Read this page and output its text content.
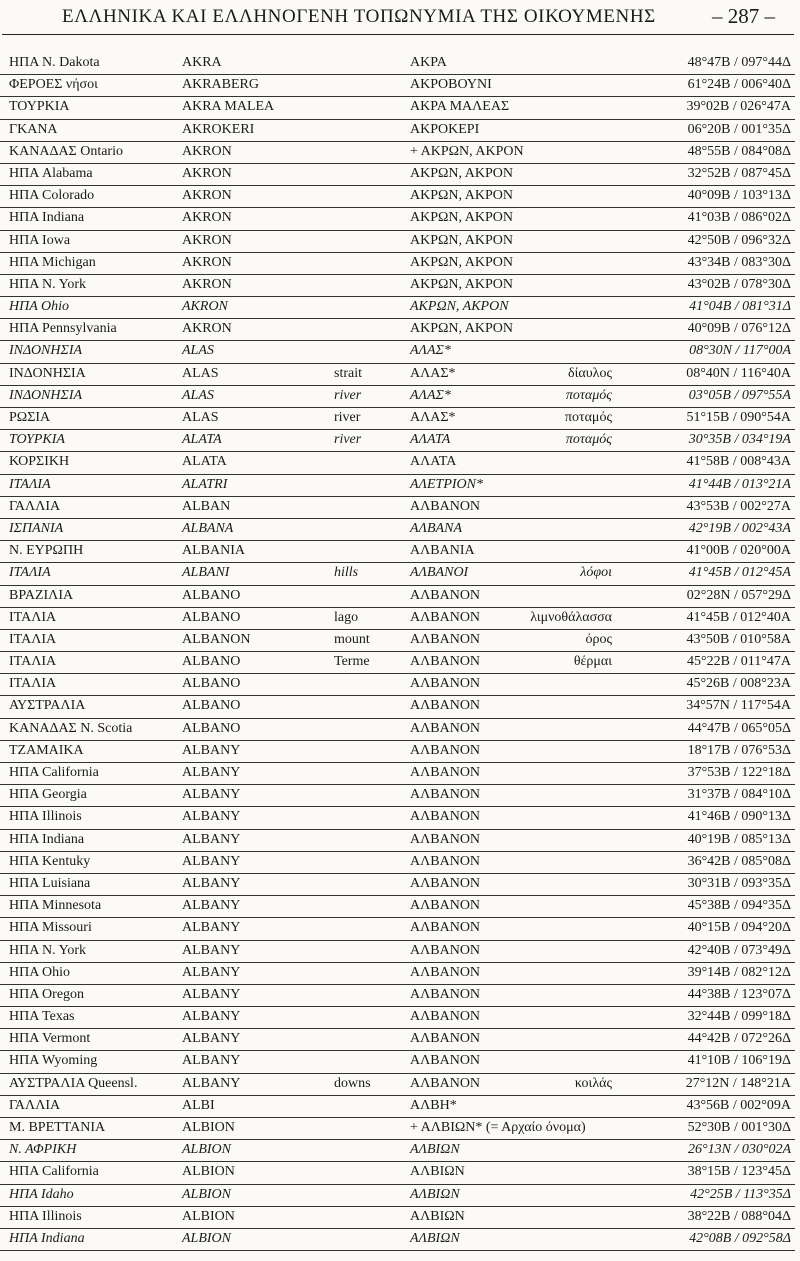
ΕΛΛΗΝΙΚΑ ΚΑΙ ΕΛΛΗΝΟΓΕΝΗ ΤΟΠΩΝΥΜΙΑ ΤΗΣ ΟΙΚΟΥΜΕΝΗΣ	– 287 –
ΗΠΑ N. Dakota	AKRA	ΑΚΡΑ	48°47Β / 097°44Δ
ΦΕΡΟΕΣ νήσοι	AKRABERG	ΑΚΡΟΒΟΥΝΙ	61°24Β / 006°40Δ
ΤΟΥΡΚΙΑ	AKRA MALEA	ΑΚΡΑ ΜΑΛΕΑΣ	39°02Β / 026°47Α
ΓΚΑΝΑ	AKROKERI	ΑΚΡΟΚΕΡΙ	06°20Β / 001°35Δ
ΚΑΝΑΔΑΣ Ontario	AKRON	+ ΑΚΡΩΝ, ΑΚΡΟΝ	48°55Β / 084°08Δ
ΗΠΑ Alabama	AKRON	ΑΚΡΩΝ, ΑΚΡΟΝ	32°52Β / 087°45Δ
ΗΠΑ Colorado	AKRON	ΑΚΡΩΝ, ΑΚΡΟΝ	40°09Β / 103°13Δ
ΗΠΑ Indiana	AKRON	ΑΚΡΩΝ, ΑΚΡΟΝ	41°03Β / 086°02Δ
ΗΠΑ Iowa	AKRON	ΑΚΡΩΝ, ΑΚΡΟΝ	42°50Β / 096°32Δ
ΗΠΑ Michigan	AKRON	ΑΚΡΩΝ, ΑΚΡΟΝ	43°34Β / 083°30Δ
ΗΠΑ N. York	AKRON	ΑΚΡΩΝ, ΑΚΡΟΝ	43°02Β / 078°30Δ
ΗΠΑ Ohio	AKRON	ΑΚΡΩΝ, ΑΚΡΟΝ	41°04Β / 081°31Δ
ΗΠΑ Pennsylvania	AKRON	ΑΚΡΩΝ, ΑΚΡΟΝ	40°09Β / 076°12Δ
ΙΝΔΟΝΗΣΙΑ	ALAS	ΑΛΑΣ*	08°30Ν / 117°00Α
ΙΝΔΟΝΗΣΙΑ	ALAS	strait	ΑΛΑΣ*	δίαυλος	08°40Ν / 116°40Α
ΙΝΔΟΝΗΣΙΑ	ALAS	river	ΑΛΑΣ*	ποταμός	03°05Β / 097°55Α
ΡΩΣΙΑ	ALAS	river	ΑΛΑΣ*	ποταμός	51°15Β / 090°54Α
ΤΟΥΡΚΙΑ	ALATA	river	ΑΛΑΤΑ	ποταμός	30°35Β / 034°19Α
ΚΟΡΣΙΚΗ	ALATA	ΑΛΑΤΑ	41°58Β / 008°43Α
ΙΤΑΛΙΑ	ALATRI	ΑΛΕΤΡΙΟΝ*	41°44Β / 013°21Α
ΓΑΛΛΙΑ	ALBAN	ΑΛΒΑΝΟΝ	43°53Β / 002°27Α
ΙΣΠΑΝΙΑ	ALBANA	ΑΛΒΑΝΑ	42°19Β / 002°43Α
Ν. ΕΥΡΩΠΗ	ALBANIA	ΑΛΒΑΝΙΑ	41°00Β / 020°00Α
ΙΤΑΛΙΑ	ALBANI	hills	ΑΛΒΑΝΟΙ	λόφοι	41°45Β / 012°45Α
ΒΡΑΖΙΛΙΑ	ALBANO	ΑΛΒΑΝΟΝ	02°28Ν / 057°29Δ
ΙΤΑΛΙΑ	ALBANO	lago	ΑΛΒΑΝΟΝ	λιμνοθάλασσα	41°45Β / 012°40Α
ΙΤΑΛΙΑ	ALBANON	mount	ΑΛΒΑΝΟΝ	όρος	43°50Β / 010°58Α
ΙΤΑΛΙΑ	ALBANO	Terme	ΑΛΒΑΝΟΝ	θέρμαι	45°22Β / 011°47Α
ΙΤΑΛΙΑ	ALBANO	ΑΛΒΑΝΟΝ	45°26Β / 008°23Α
ΑΥΣΤΡΑΛΙΑ	ALBANO	ΑΛΒΑΝΟΝ	34°57Ν / 117°54Α
ΚΑΝΑΔΑΣ N. Scotia	ALBANO	ΑΛΒΑΝΟΝ	44°47Β / 065°05Δ
ΤΖΑΜΑΙΚΑ	ALBANY	ΑΛΒΑΝΟΝ	18°17Β / 076°53Δ
ΗΠΑ California	ALBANY	ΑΛΒΑΝΟΝ	37°53Β / 122°18Δ
ΗΠΑ Georgia	ALBANY	ΑΛΒΑΝΟΝ	31°37Β / 084°10Δ
ΗΠΑ Illinois	ALBANY	ΑΛΒΑΝΟΝ	41°46Β / 090°13Δ
ΗΠΑ Indiana	ALBANY	ΑΛΒΑΝΟΝ	40°19Β / 085°13Δ
ΗΠΑ Kentuky	ALBANY	ΑΛΒΑΝΟΝ	36°42Β / 085°08Δ
ΗΠΑ Luisiana	ALBANY	ΑΛΒΑΝΟΝ	30°31Β / 093°35Δ
ΗΠΑ Minnesota	ALBANY	ΑΛΒΑΝΟΝ	45°38Β / 094°35Δ
ΗΠΑ Missouri	ALBANY	ΑΛΒΑΝΟΝ	40°15Β / 094°20Δ
ΗΠΑ N. York	ALBANY	ΑΛΒΑΝΟΝ	42°40Β / 073°49Δ
ΗΠΑ Ohio	ALBANY	ΑΛΒΑΝΟΝ	39°14Β / 082°12Δ
ΗΠΑ Oregon	ALBANY	ΑΛΒΑΝΟΝ	44°38Β / 123°07Δ
ΗΠΑ Texas	ALBANY	ΑΛΒΑΝΟΝ	32°44Β / 099°18Δ
ΗΠΑ Vermont	ALBANY	ΑΛΒΑΝΟΝ	44°42Β / 072°26Δ
ΗΠΑ Wyoming	ALBANY	ΑΛΒΑΝΟΝ	41°10Β / 106°19Δ
ΑΥΣΤΡΑΛΙΑ Queensl.	ALBANY	downs	ΑΛΒΑΝΟΝ	κοιλάς	27°12Ν / 148°21Α
ΓΑΛΛΙΑ	ALBI	ΑΛΒΗ*	43°56Β / 002°09Α
Μ. ΒΡΕΤΤΑΝΙΑ	ALBION	+ ΑΛΒΙΩΝ* (= Αρχαίο όνομα)	52°30Β / 001°30Δ
Ν. ΑΦΡΙΚΗ	ALBION	ΑΛΒΙΩΝ	26°13Ν / 030°02Α
ΗΠΑ California	ALBION	ΑΛΒΙΩΝ	38°15Β / 123°45Δ
ΗΠΑ Idaho	ALBION	ΑΛΒΙΩΝ	42°25Β / 113°35Δ
ΗΠΑ Illinois	ALBION	ΑΛΒΙΩΝ	38°22Β / 088°04Δ
ΗΠΑ Indiana	ALBION	ΑΛΒΙΩΝ	42°08Β / 092°58Δ
